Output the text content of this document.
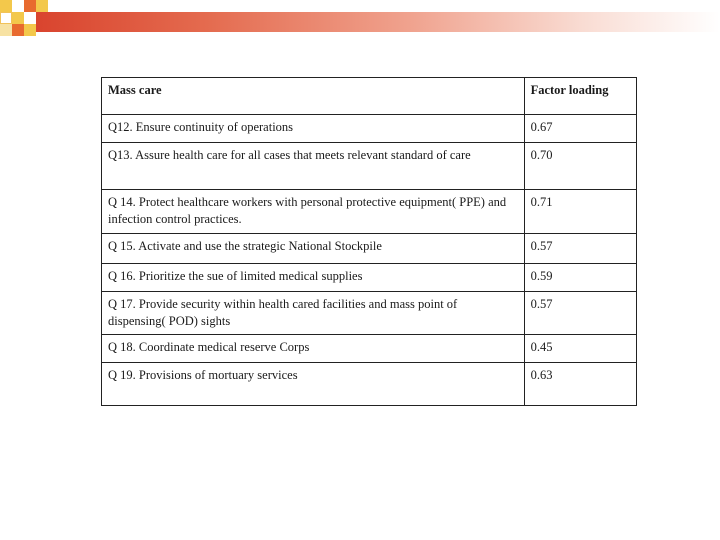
Mass care	Factor loading
Q12. Ensure continuity of operations	0.67
Q13. Assure health care for all cases that meets relevant standard of care	0.70
Q 14. Protect healthcare workers with personal protective equipment( PPE) and infection control practices.	0.71
Q 15. Activate and use the strategic National Stockpile	0.57
Q 16. Prioritize the sue of limited medical supplies	0.59
Q 17. Provide security within health cared facilities and mass point of dispensing( POD) sights	0.57
Q 18. Coordinate medical reserve Corps	0.45
Q 19. Provisions of mortuary services	0.63
